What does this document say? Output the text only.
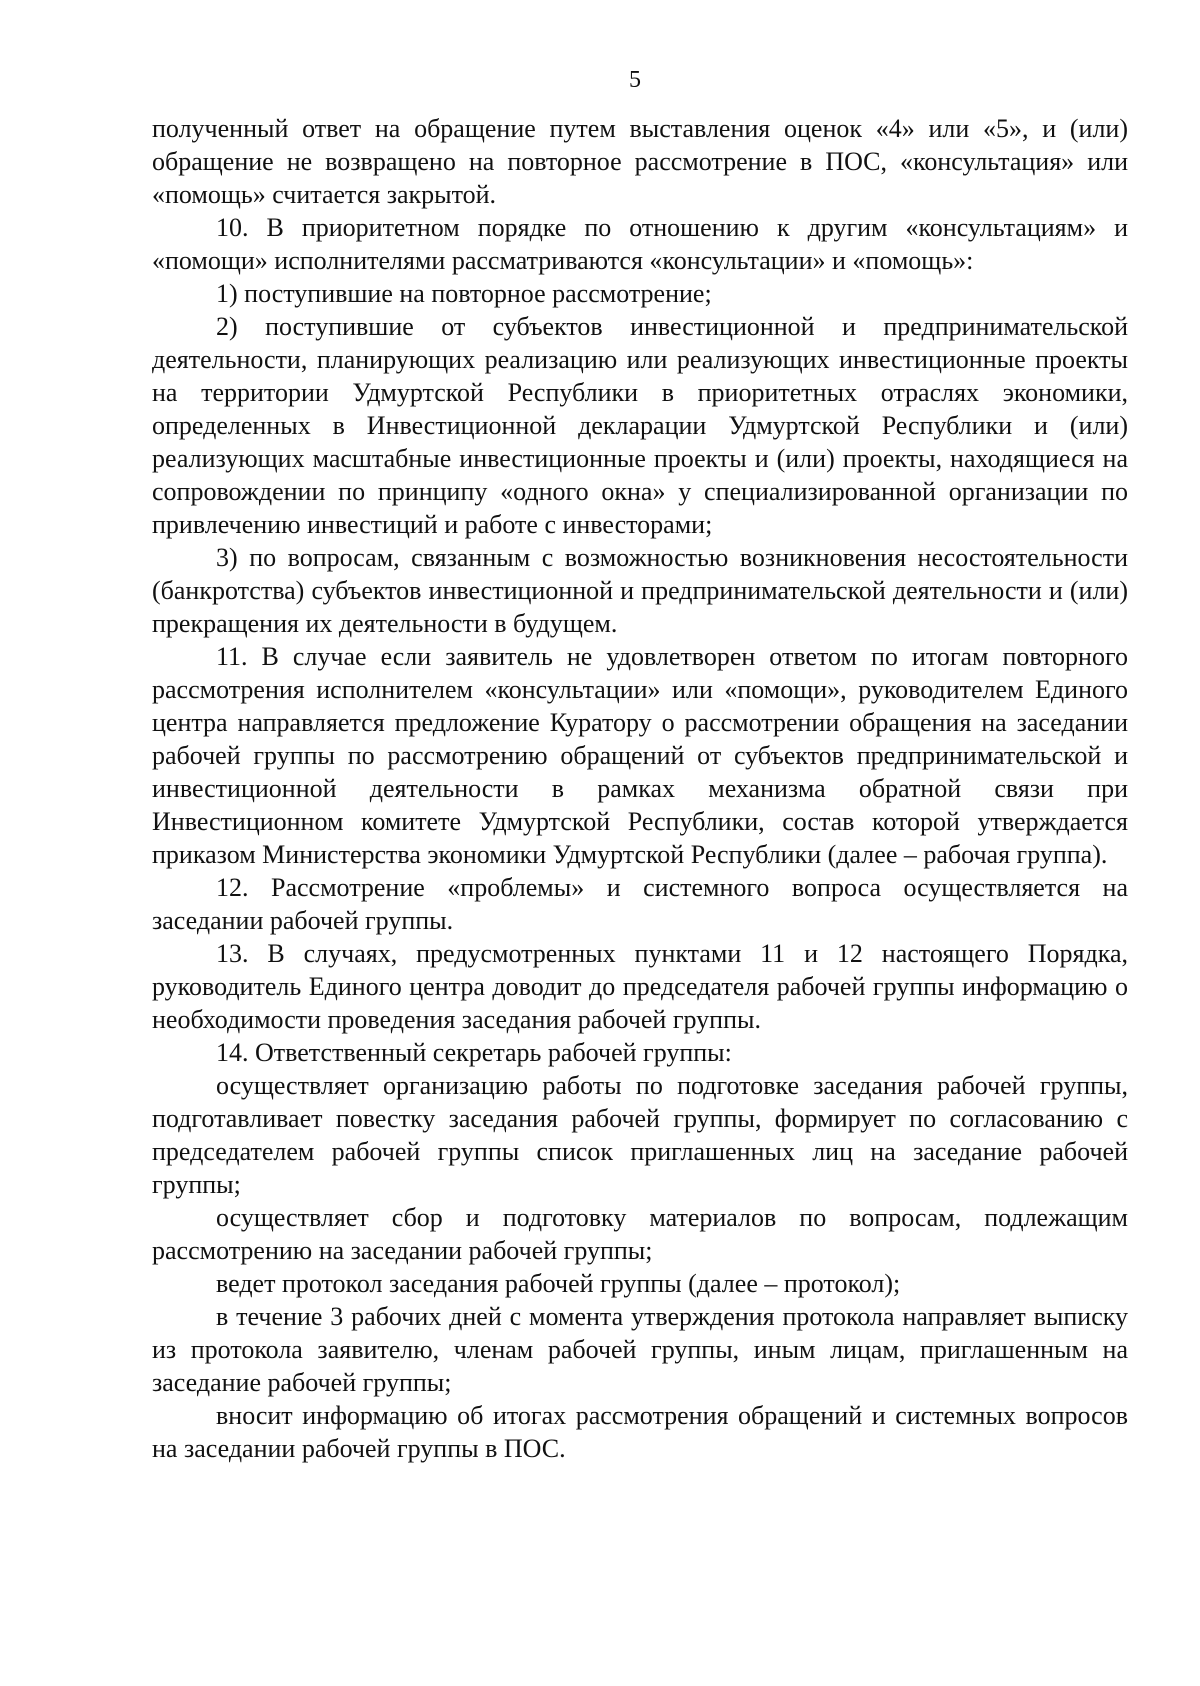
5

полученный ответ на обращение путем выставления оценок «4» или «5», и (или) обращение не возвращено на повторное рассмотрение в ПОС, «консультация» или «помощь» считается закрытой.

10. В приоритетном порядке по отношению к другим «консультациям» и «помощи» исполнителями рассматриваются «консультации» и «помощь»:

1) поступившие на повторное рассмотрение;

2) поступившие от субъектов инвестиционной и предпринимательской деятельности, планирующих реализацию или реализующих инвестиционные проекты на территории Удмуртской Республики в приоритетных отраслях экономики, определенных в Инвестиционной декларации Удмуртской Республики и (или) реализующих масштабные инвестиционные проекты и (или) проекты, находящиеся на сопровождении по принципу «одного окна» у специализированной организации по привлечению инвестиций и работе с инвесторами;

3) по вопросам, связанным с возможностью возникновения несостоятельности (банкротства) субъектов инвестиционной и предпринимательской деятельности и (или) прекращения их деятельности в будущем.

11. В случае если заявитель не удовлетворен ответом по итогам повторного рассмотрения исполнителем «консультации» или «помощи», руководителем Единого центра направляется предложение Куратору о рассмотрении обращения на заседании рабочей группы по рассмотрению обращений от субъектов предпринимательской и инвестиционной деятельности в рамках механизма обратной связи при Инвестиционном комитете Удмуртской Республики, состав которой утверждается приказом Министерства экономики Удмуртской Республики (далее – рабочая группа).

12. Рассмотрение «проблемы» и системного вопроса осуществляется на заседании рабочей группы.

13. В случаях, предусмотренных пунктами 11 и 12 настоящего Порядка, руководитель Единого центра доводит до председателя рабочей группы информацию о необходимости проведения заседания рабочей группы.

14. Ответственный секретарь рабочей группы:

осуществляет организацию работы по подготовке заседания рабочей группы, подготавливает повестку заседания рабочей группы, формирует по согласованию с председателем рабочей группы список приглашенных лиц на заседание рабочей группы;

осуществляет сбор и подготовку материалов по вопросам, подлежащим рассмотрению на заседании рабочей группы;

ведет протокол заседания рабочей группы (далее – протокол);

в течение 3 рабочих дней с момента утверждения протокола направляет выписку из протокола заявителю, членам рабочей группы, иным лицам, приглашенным на заседание рабочей группы;

вносит информацию об итогах рассмотрения обращений и системных вопросов на заседании рабочей группы в ПОС.
